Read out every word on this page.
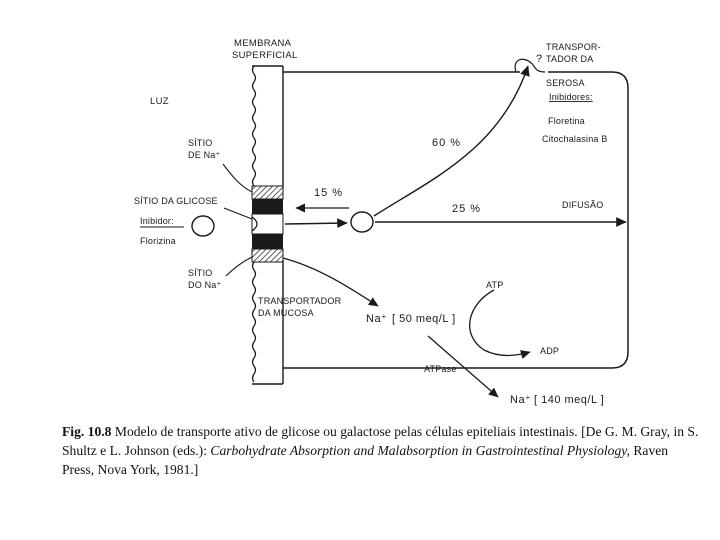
MEMBRANA
SUPERFICIAL
LUZ
?
TRANSPOR-
TADOR DA
SEROSA
Inibidores:
Floretina
Citochalasina B
SÍTIO
DE Na⁺
SÍTIO DA GLICOSE
Inibidor:
Florizina
SÍTIO
DO Na⁺
TRANSPORTADOR
DA MUCOSA
60 %
15 %
25 %	DIFUSÃO
ATP
ADP
ATPase
Na⁺ [ 50 meq/L ]
Na⁺ [ 140 meq/L ]
Fig. 10.8 Modelo de transporte ativo de glicose ou galactose pelas células epiteliais intestinais. [De G. M. Gray, in S. Shultz e L. Johnson (eds.): Carbohydrate Absorption and Malabsorption in Gastrointestinal Physiology, Raven Press, Nova York, 1981.]
